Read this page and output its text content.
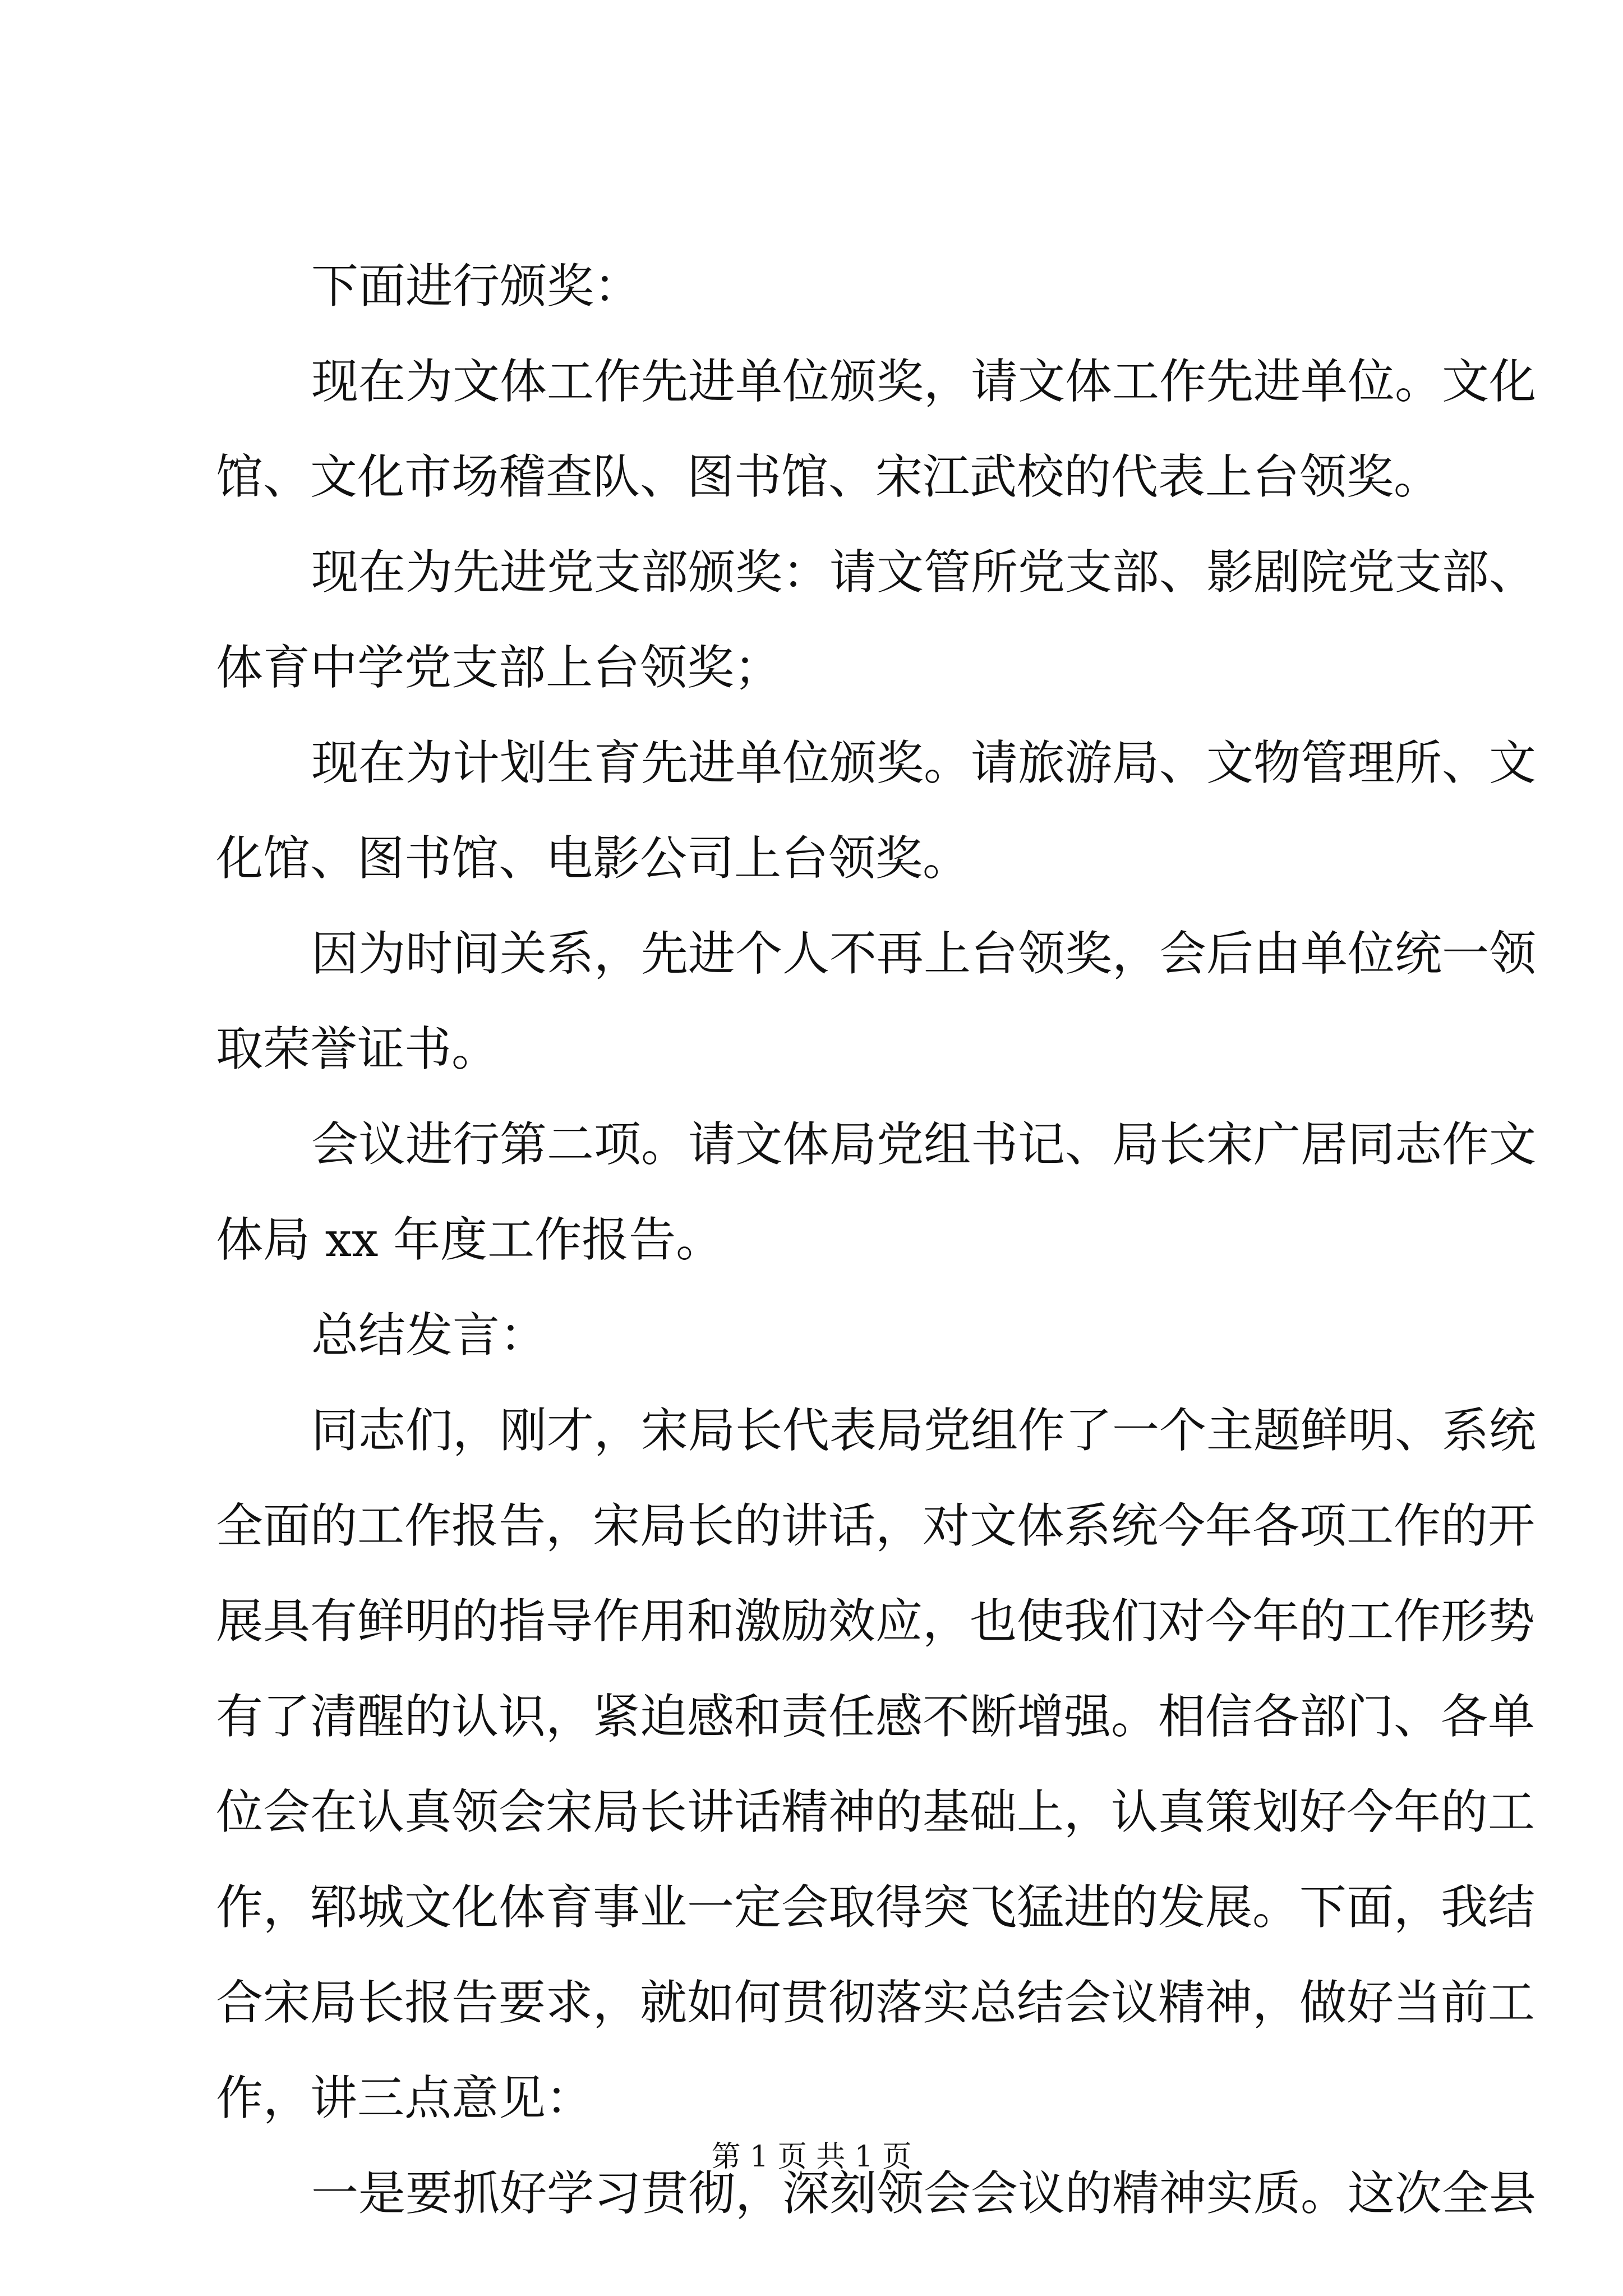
下面进行颁奖：
现在为文体工作先进单位颁奖，请文体工作先进单位。文化
馆、文化市场稽查队、图书馆、宋江武校的代表上台领奖。
现在为先进党支部颁奖：请文管所党支部、影剧院党支部、
体育中学党支部上台领奖；
现在为计划生育先进单位颁奖。请旅游局、文物管理所、文
化馆、图书馆、电影公司上台领奖。
因为时间关系，先进个人不再上台领奖，会后由单位统一领
取荣誉证书。
会议进行第二项。请文体局党组书记、局长宋广居同志作文
体局 xx 年度工作报告。
总结发言：
同志们，刚才，宋局长代表局党组作了一个主题鲜明、系统
全面的工作报告，宋局长的讲话，对文体系统今年各项工作的开
展具有鲜明的指导作用和激励效应，也使我们对今年的工作形势
有了清醒的认识，紧迫感和责任感不断增强。相信各部门、各单
位会在认真领会宋局长讲话精神的基础上，认真策划好今年的工
作，郓城文化体育事业一定会取得突飞猛进的发展。下面，我结
合宋局长报告要求，就如何贯彻落实总结会议精神，做好当前工
作，讲三点意见：
一是要抓好学习贯彻，深刻领会会议的精神实质。这次全县
第 1 页 共 1 页
